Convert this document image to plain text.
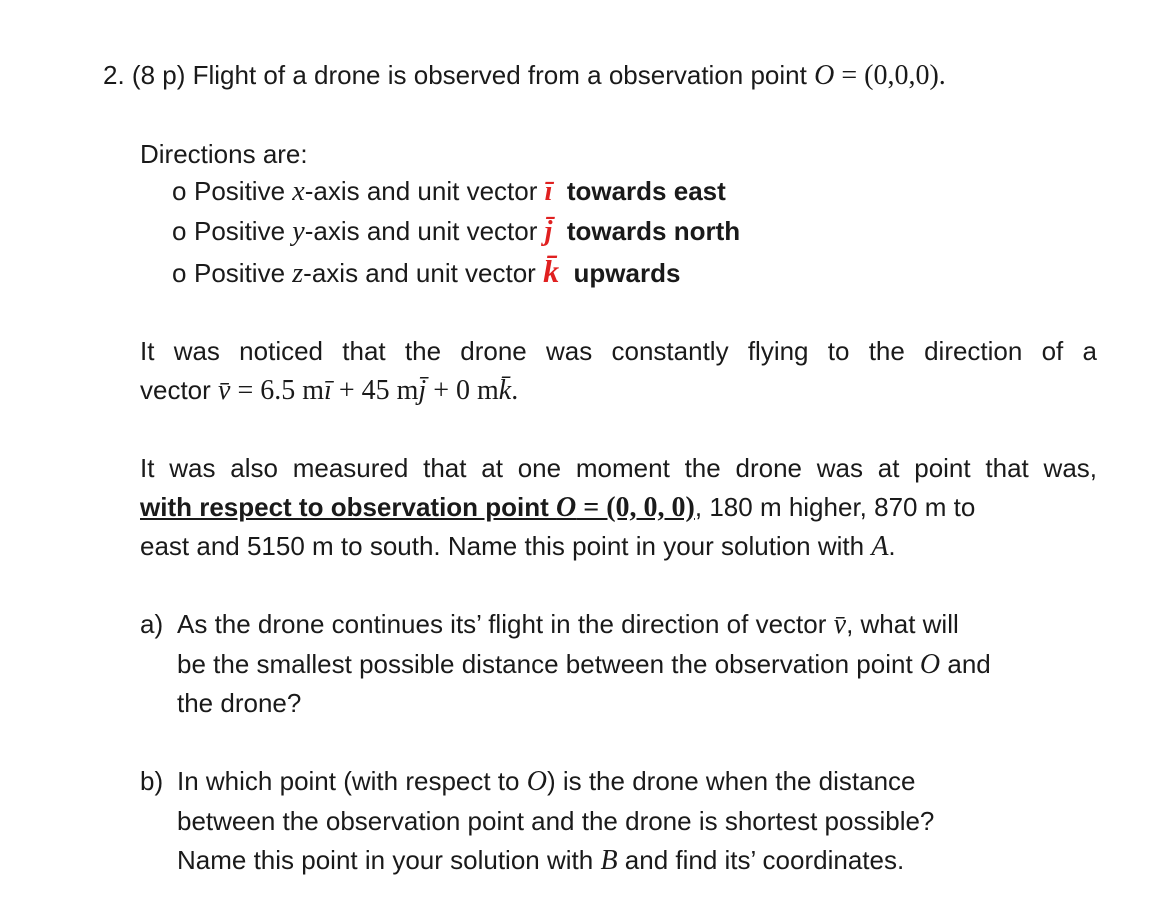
2. (8 p) Flight of a drone is observed from a observation point O = (0,0,0).
Directions are:
o Positive x-axis and unit vector ī towards east
o Positive y-axis and unit vector j̄ towards north
o Positive z-axis and unit vector k̄ upwards
It was noticed that the drone was constantly flying to the direction of a
vector v̄ = 6.5 mī + 45 mj̄ + 0 mk̄.
It was also measured that at one moment the drone was at point that was,
with respect to observation point O = (0, 0, 0), 180 m higher, 870 m to
east and 5150 m to south. Name this point in your solution with A.
a) As the drone continues its’ flight in the direction of vector v̄, what will
be the smallest possible distance between the observation point O and
the drone?
b) In which point (with respect to O) is the drone when the distance
between the observation point and the drone is shortest possible?
Name this point in your solution with B and find its’ coordinates.
